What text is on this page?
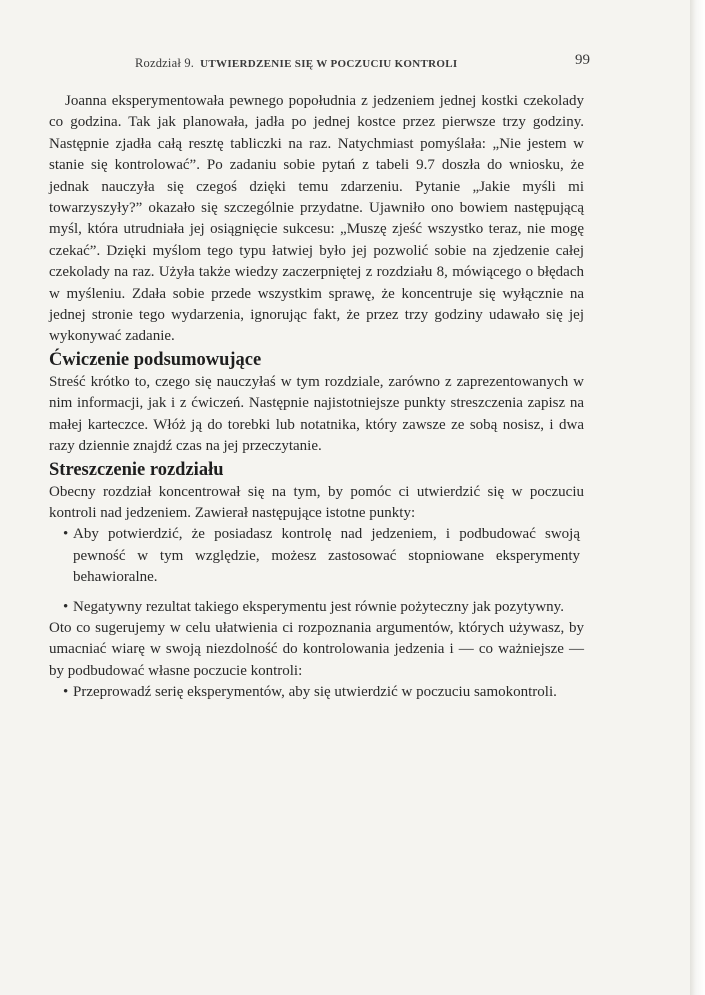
Rozdział 9. UTWIERDZENIE SIĘ W POCZUCIU KONTROLI	99

Joanna eksperymentowała pewnego popołudnia z jedzeniem jednej kostki czekolady co godzina. Tak jak planowała, jadła po jednej kostce przez pierwsze trzy godziny. Następnie zjadła całą resztę tabliczki na raz. Natychmiast pomyślała: „Nie jestem w stanie się kontrolować”. Po zadaniu sobie pytań z tabeli 9.7 doszła do wniosku, że jednak nauczyła się czegoś dzięki temu zdarzeniu. Pytanie „Jakie myśli mi towarzyszyły?” okazało się szczególnie przydatne. Ujawniło ono bowiem następującą myśl, która utrudniała jej osiągnięcie sukcesu: „Muszę zjeść wszystko teraz, nie mogę czekać”. Dzięki myślom tego typu łatwiej było jej pozwolić sobie na zjedzenie całej czekolady na raz. Użyła także wiedzy zaczerpniętej z rozdziału 8, mówiącego o błędach w myśleniu. Zdała sobie przede wszystkim sprawę, że koncentruje się wyłącznie na jednej stronie tego wydarzenia, ignorując fakt, że przez trzy godziny udawało się jej wykonywać zadanie.

Ćwiczenie podsumowujące

Streść krótko to, czego się nauczyłaś w tym rozdziale, zarówno z zaprezentowanych w nim informacji, jak i z ćwiczeń. Następnie najistotniejsze punkty streszczenia zapisz na małej karteczce. Włóż ją do torebki lub notatnika, który zawsze ze sobą nosisz, i dwa razy dziennie znajdź czas na jej przeczytanie.

Streszczenie rozdziału

Obecny rozdział koncentrował się na tym, by pomóc ci utwierdzić się w poczuciu kontroli nad jedzeniem. Zawierał następujące istotne punkty:

• Aby potwierdzić, że posiadasz kontrolę nad jedzeniem, i podbudować swoją pewność w tym względzie, możesz zastosować stopniowane eksperymenty behawioralne.
• Negatywny rezultat takiego eksperymentu jest równie pożyteczny jak pozytywny.

Oto co sugerujemy w celu ułatwienia ci rozpoznania argumentów, których używasz, by umacniać wiarę w swoją niezdolność do kontrolowania jedzenia i — co ważniejsze — by podbudować własne poczucie kontroli:

• Przeprowadź serię eksperymentów, aby się utwierdzić w poczuciu samokontroli.
